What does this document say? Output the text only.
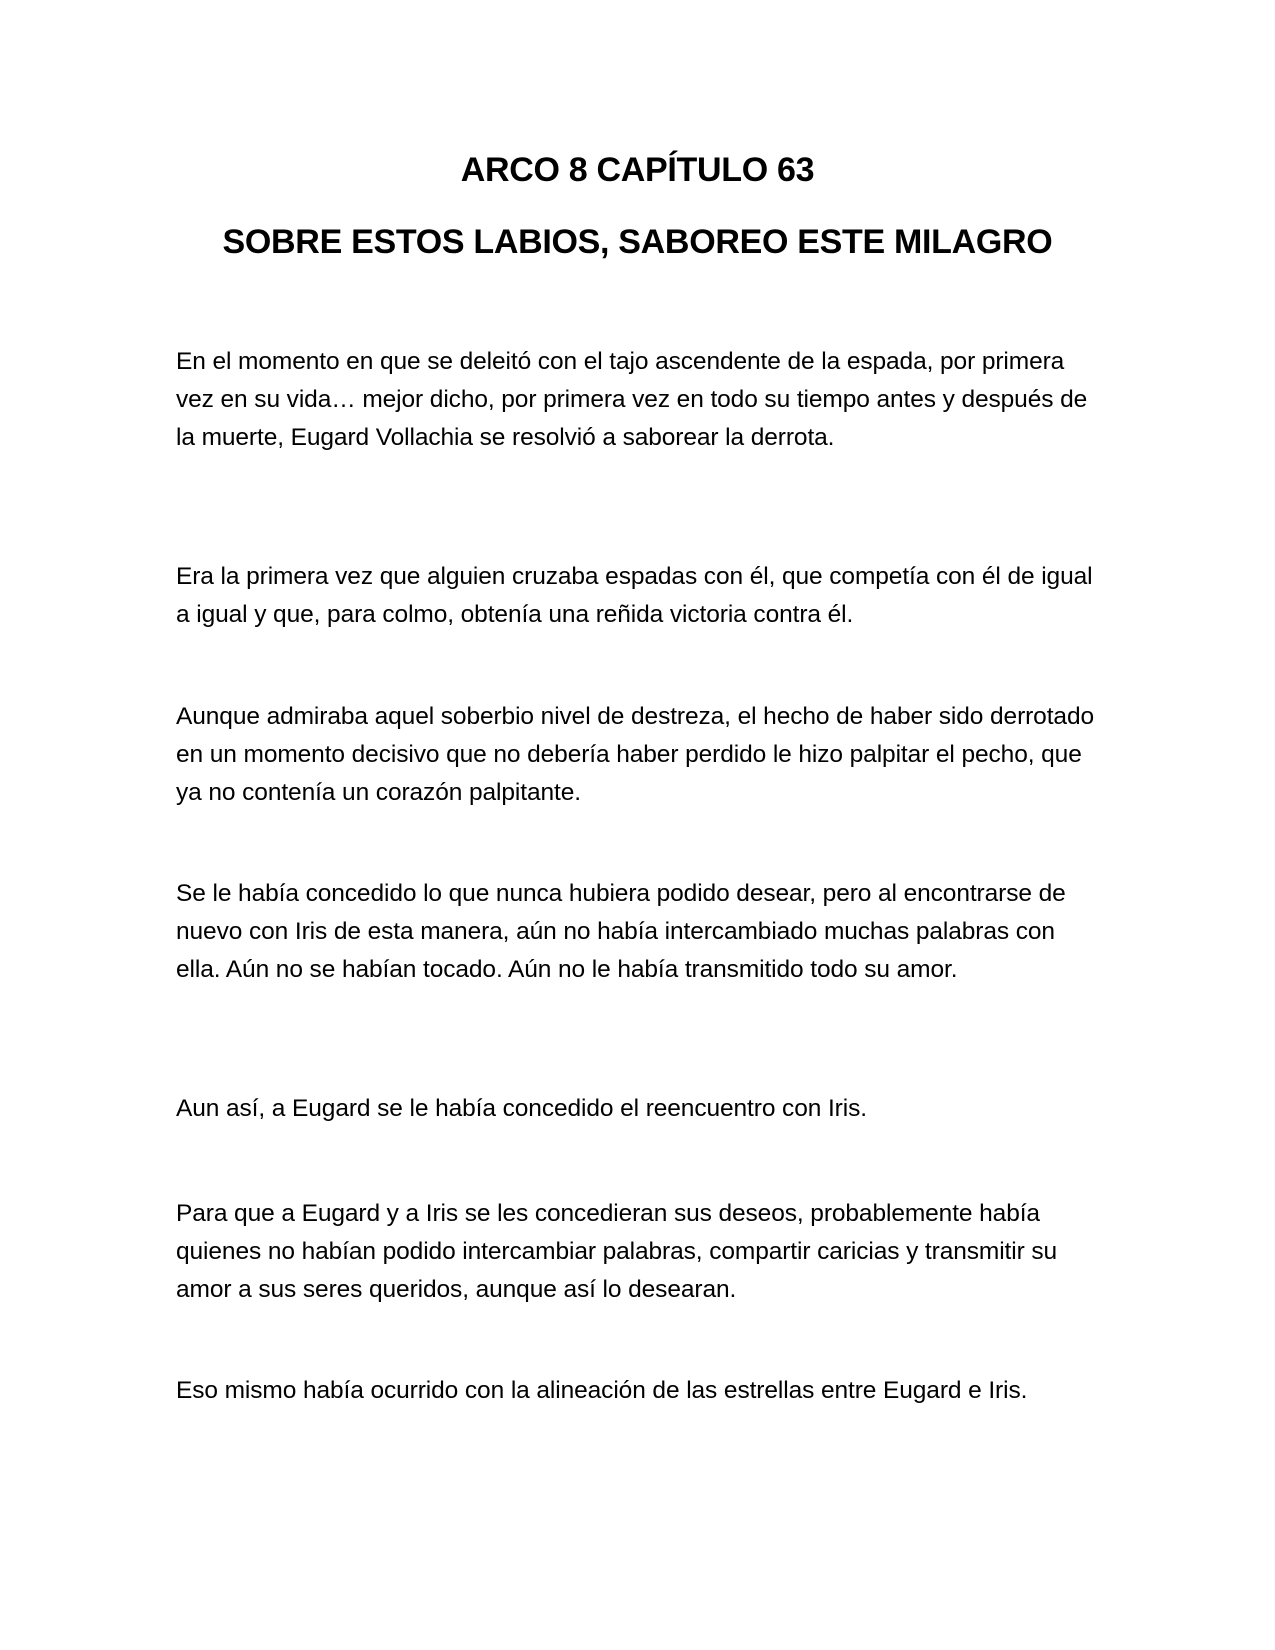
ARCO 8 CAPÍTULO 63
SOBRE ESTOS LABIOS, SABOREO ESTE MILAGRO

En el momento en que se deleitó con el tajo ascendente de la espada, por primera vez en su vida… mejor dicho, por primera vez en todo su tiempo antes y después de la muerte, Eugard Vollachia se resolvió a saborear la derrota.

Era la primera vez que alguien cruzaba espadas con él, que competía con él de igual a igual y que, para colmo, obtenía una reñida victoria contra él.

Aunque admiraba aquel soberbio nivel de destreza, el hecho de haber sido derrotado en un momento decisivo que no debería haber perdido le hizo palpitar el pecho, que ya no contenía un corazón palpitante.

Se le había concedido lo que nunca hubiera podido desear, pero al encontrarse de nuevo con Iris de esta manera, aún no había intercambiado muchas palabras con ella. Aún no se habían tocado. Aún no le había transmitido todo su amor.

Aun así, a Eugard se le había concedido el reencuentro con Iris.

Para que a Eugard y a Iris se les concedieran sus deseos, probablemente había quienes no habían podido intercambiar palabras, compartir caricias y transmitir su amor a sus seres queridos, aunque así lo desearan.

Eso mismo había ocurrido con la alineación de las estrellas entre Eugard e Iris.
